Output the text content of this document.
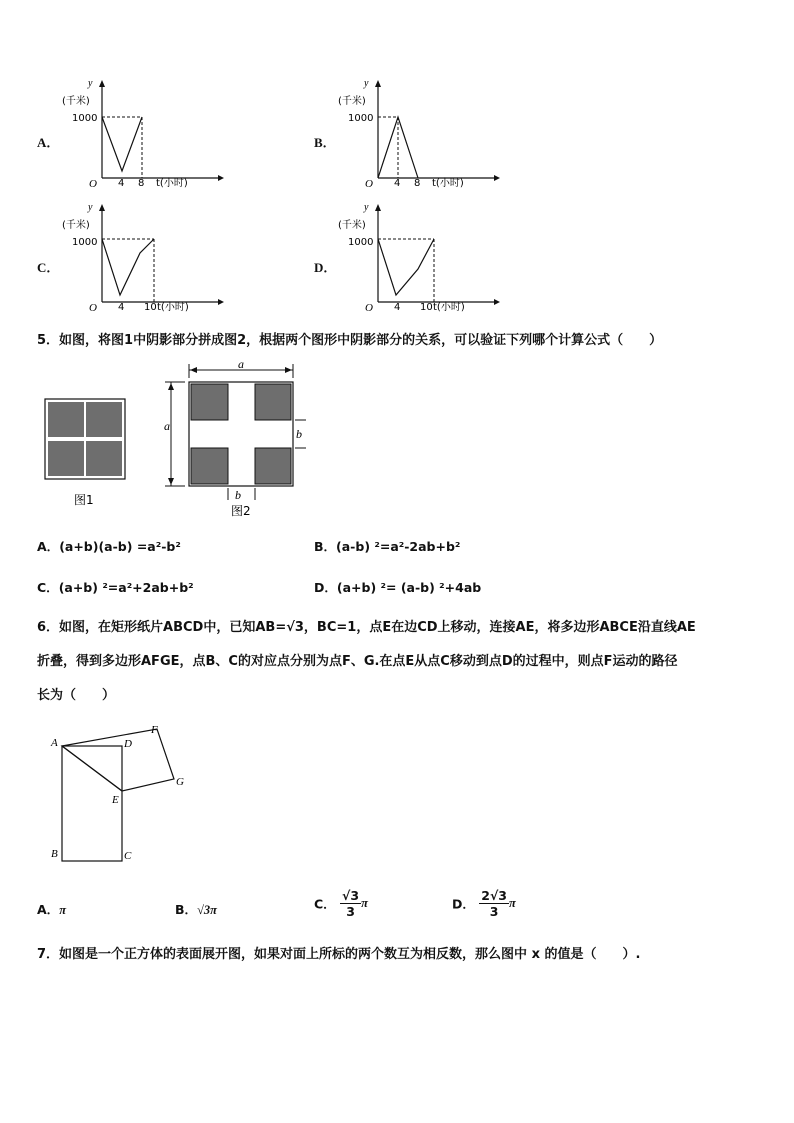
A．
y
(千米)
1000
O 4 8 t(小时)
B．
y
(千米)
1000
O 4 8 t(小时)
C．
y
(千米)
1000
O 4 10 t(小时)
D．
y
(千米)
1000
O 4 10 t(小时)
5．如图，将图1中阴影部分拼成图2，根据两个图形中阴影部分的关系，可以验证下列哪个计算公式（　　）
图1
a
a
b
b
图2
A．(a+b)(a-b) =a²-b²	B．(a-b) ²=a²-2ab+b²
C．(a+b) ²=a²+2ab+b²	D．(a+b) ²= (a-b) ²+4ab
6．如图，在矩形纸片ABCD中，已知AB=√3，BC=1，点E在边CD上移动，连接AE，将多边形ABCE沿直线AE
折叠，得到多边形AFGE，点B、C的对应点分别为点F、G.在点E从点C移动到点D的过程中，则点F运动的路径
长为（　　）
A
B	C
D
E
F
G
A．π	B．√3π	C． $\frac{√3}{3}$ π	D． $\frac{2√3}{3}$ π
7．如图是一个正方体的表面展开图，如果对面上所标的两个数互为相反数，那么图中 x 的值是（　　）.
